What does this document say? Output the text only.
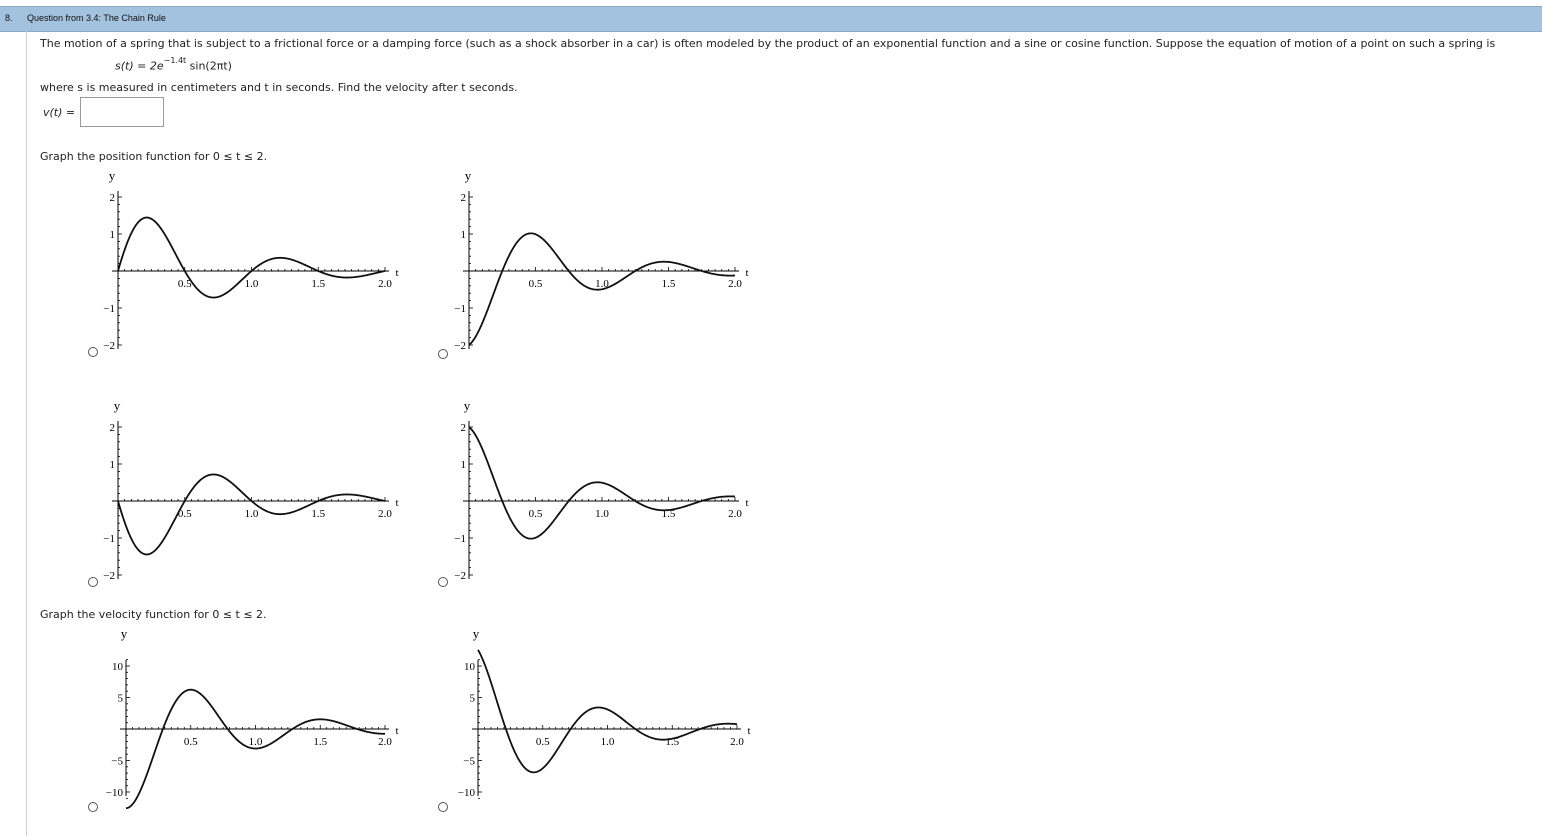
8. Question from 3.4: The Chain Rule
The motion of a spring that is subject to a frictional force or a damping force (such as a shock absorber in a car) is often modeled by the product of an exponential function and a sine or cosine function. Suppose the equation of motion of a point on such a spring is
$s(t) = 2e^{-1.4t}$ sin(2πt)
where s is measured in centimeters and t in seconds. Find the velocity after t seconds.
v(t) =
Graph the position function for 0 ≤ t ≤ 2.
Graph the velocity function for 0 ≤ t ≤ 2.
0.5	1.0	1.5	2.0
2
1
−1
−2
y
t
0.5	1.0	1.5	2.0
2
1
−1
−2
y
t
0.5	1.0	1.5	2.0
2
1
−1
−2
y
t
0.5	1.0	1.5	2.0
2
1
−1
−2
y
t
0.5	1.0	1.5	2.0
10
5
−5
−10
y
t
0.5	1.0	1.5	2.0
10
5
−5
−10
y
t
